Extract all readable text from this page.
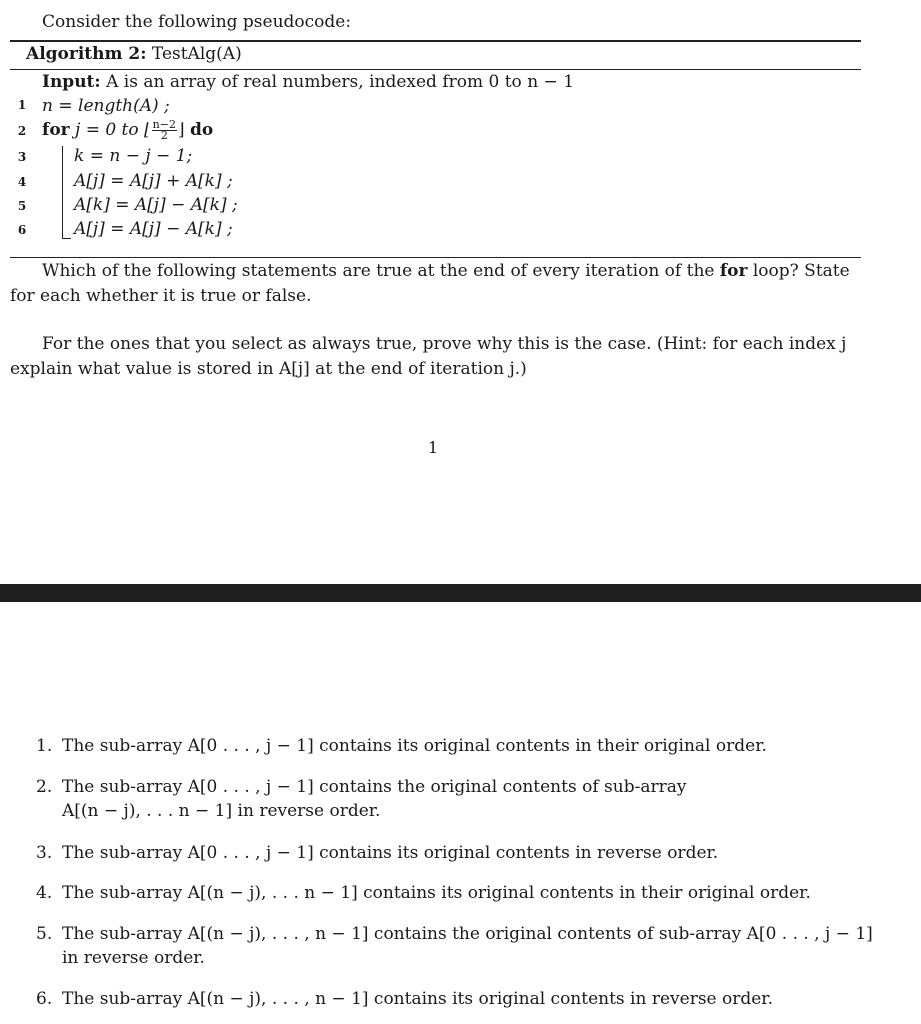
Consider the following pseudocode:
Algorithm 2: TestAlg(A)
Input: A is an array of real numbers, indexed from 0 to n − 1
1 n = length(A) ;
2 for j = 0 to ⌊ $\frac{n-2}{2}$ ⌋ do
3	k = n − j − 1;
4	A[j] = A[j] + A[k] ;
5	A[k] = A[j] − A[k] ;
6	A[j] = A[j] − A[k] ;
Which of the following statements are true at the end of every iteration of the for loop? State for each whether it is true or false.
For the ones that you select as always true, prove why this is the case. (Hint: for each index j explain what value is stored in A[j] at the end of iteration j.)
1
1. The sub-array A[0 . . . , j − 1] contains its original contents in their original order.
2. The sub-array A[0 . . . , j − 1] contains the original contents of sub-array
A[(n − j), . . . n − 1] in reverse order.
3. The sub-array A[0 . . . , j − 1] contains its original contents in reverse order.
4. The sub-array A[(n − j), . . . n − 1] contains its original contents in their original order.
5. The sub-array A[(n − j), . . . , n − 1] contains the original contents of sub-array A[0 . . . , j − 1]
in reverse order.
6. The sub-array A[(n − j), . . . , n − 1] contains its original contents in reverse order.
